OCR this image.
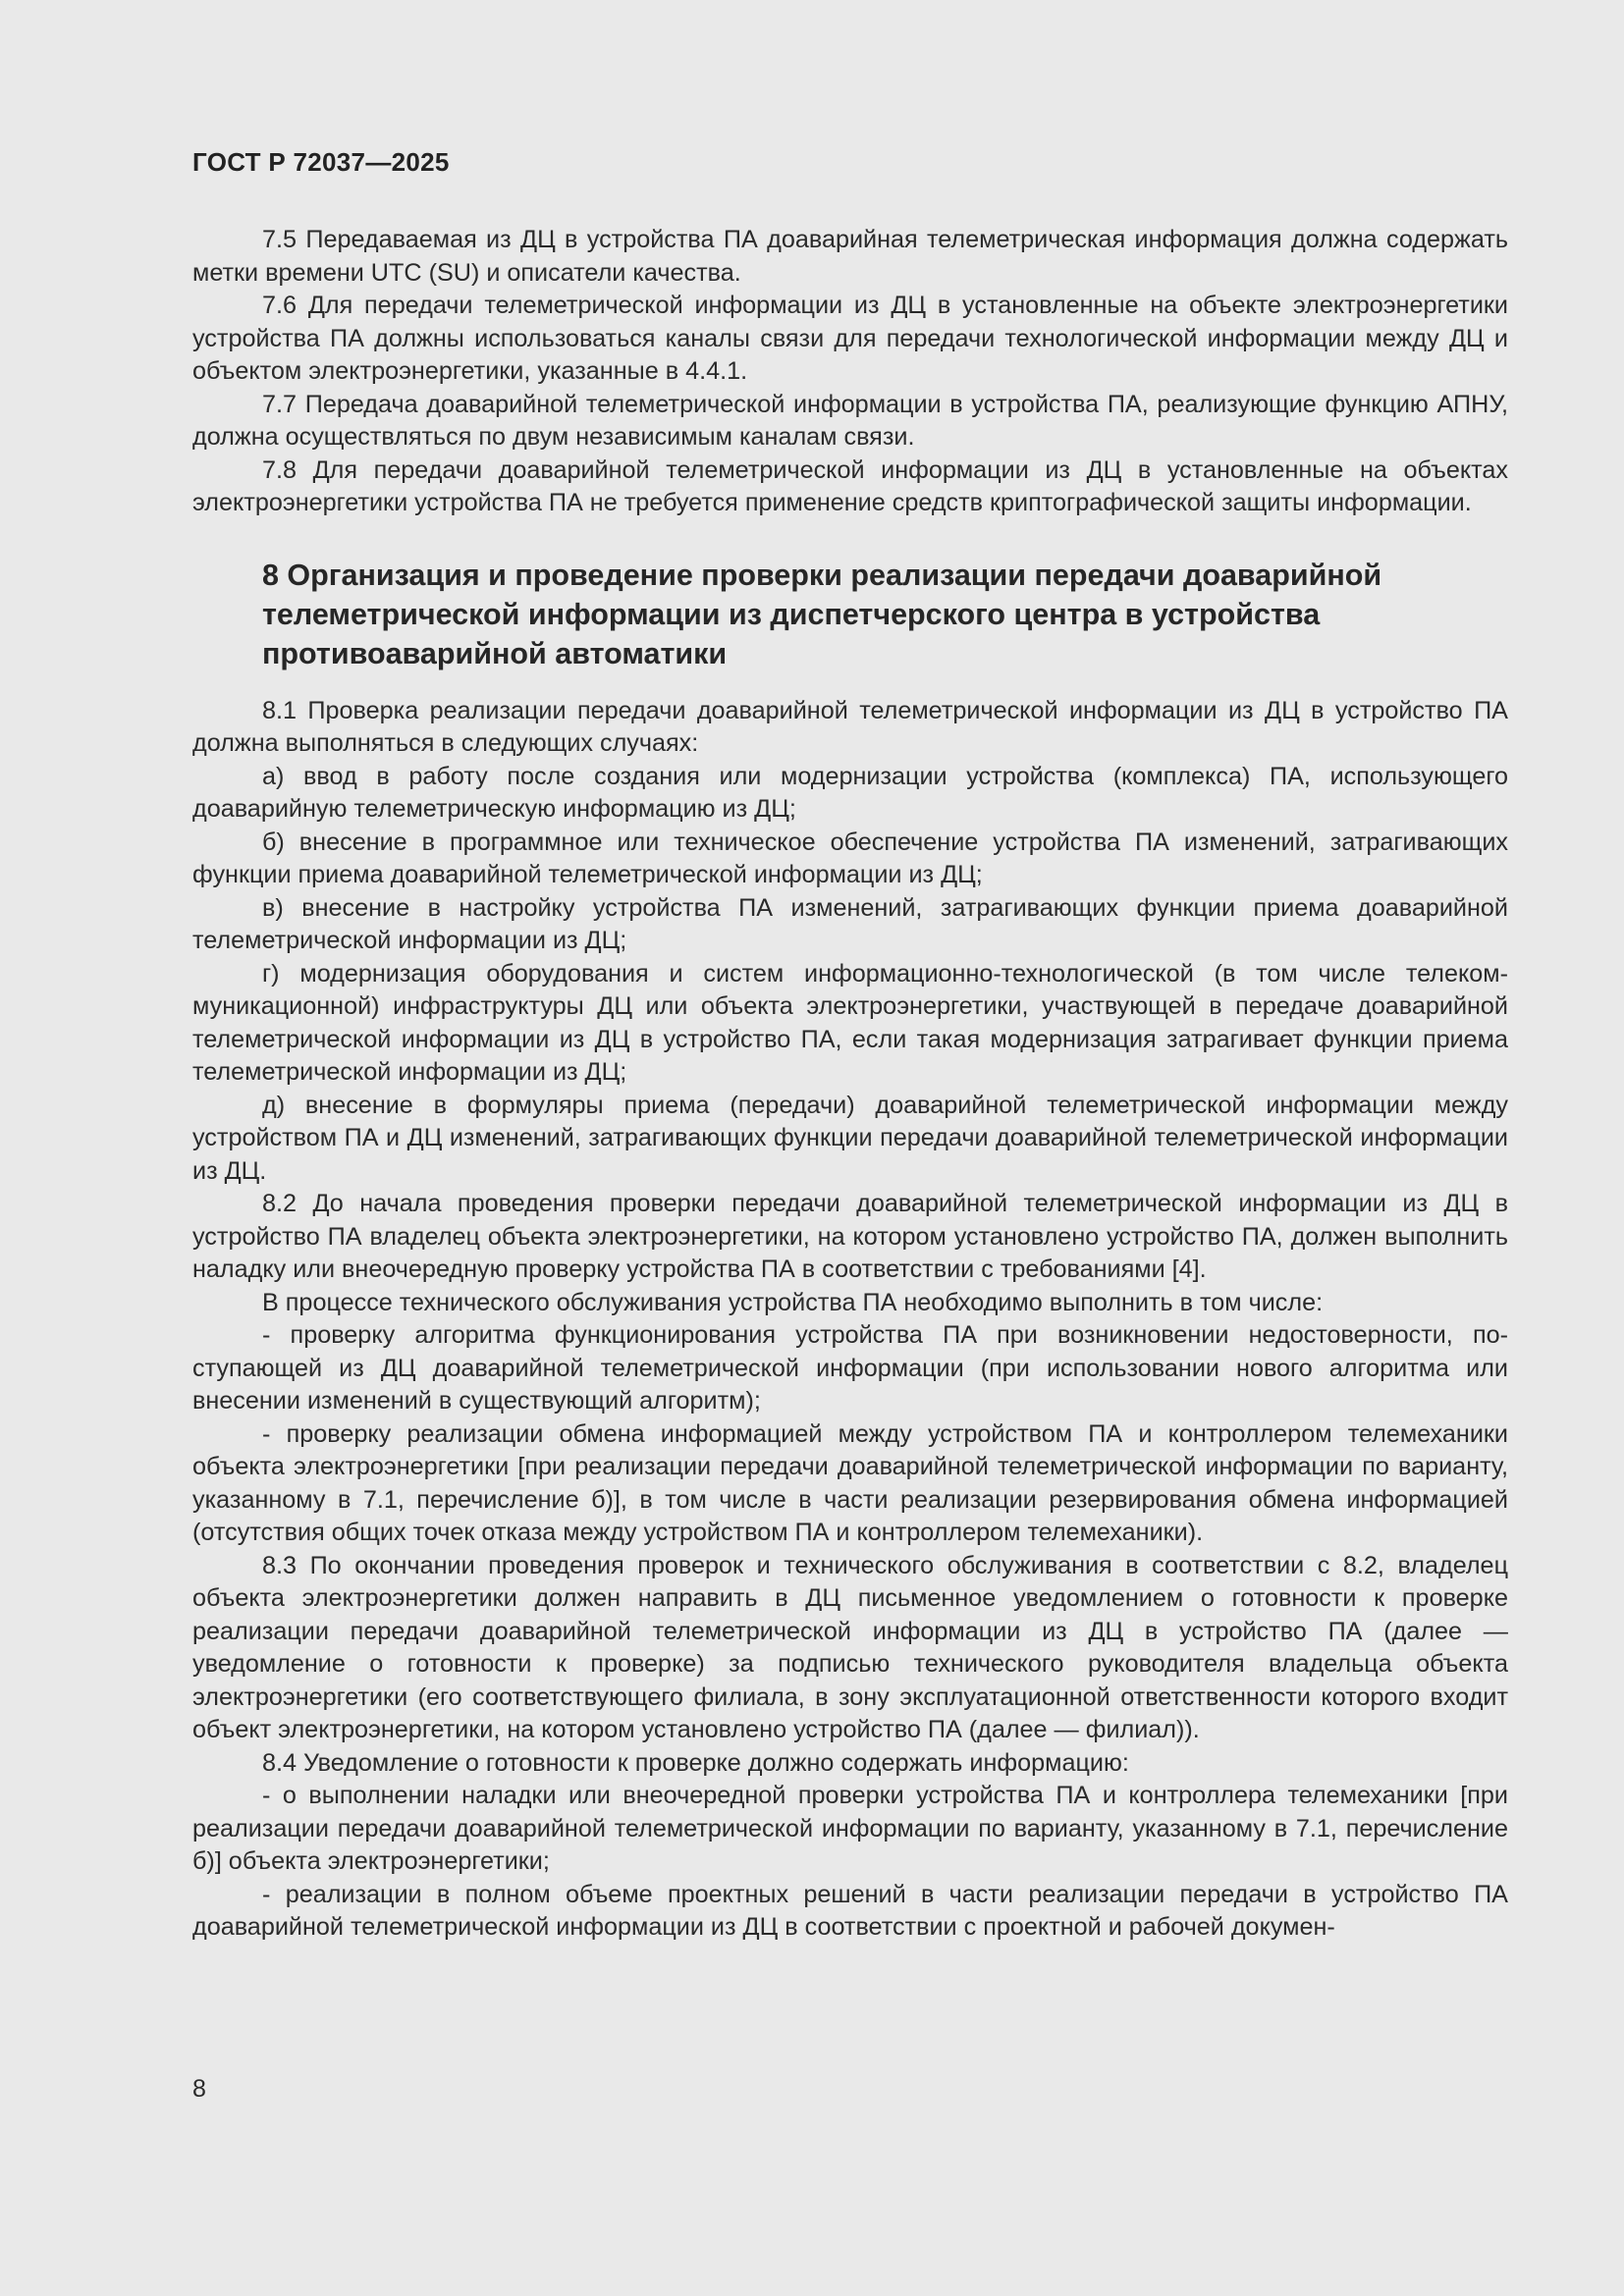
ГОСТ Р 72037—2025

7.5 Передаваемая из ДЦ в устройства ПА доаварийная телеметрическая информация должна содержать метки времени UTC (SU) и описатели качества.

7.6 Для передачи телеметрической информации из ДЦ в установленные на объекте электроэнергетики устройства ПА должны использоваться каналы связи для передачи технологической информации между ДЦ и объектом электроэнергетики, указанные в 4.4.1.

7.7 Передача доаварийной телеметрической информации в устройства ПА, реализующие функцию АПНУ, должна осуществляться по двум независимым каналам связи.

7.8 Для передачи доаварийной телеметрической информации из ДЦ в установленные на объектах электроэнергетики устройства ПА не требуется применение средств криптографической защиты информации.

8 Организация и проведение проверки реализации передачи доаварийной телеметрической информации из диспетчерского центра в устройства противоаварийной автоматики

8.1 Проверка реализации передачи доаварийной телеметрической информации из ДЦ в устройство ПА должна выполняться в следующих случаях:

а) ввод в работу после создания или модернизации устройства (комплекса) ПА, использующего доаварийную телеметрическую информацию из ДЦ;

б) внесение в программное или техническое обеспечение устройства ПА изменений, затрагивающих функции приема доаварийной телеметрической информации из ДЦ;

в) внесение в настройку устройства ПА изменений, затрагивающих функции приема доаварийной телеметрической информации из ДЦ;

г) модернизация оборудования и систем информационно-технологической (в том числе телекоммуникационной) инфраструктуры ДЦ или объекта электроэнергетики, участвующей в передаче доаварийной телеметрической информации из ДЦ в устройство ПА, если такая модернизация затрагивает функции приема телеметрической информации из ДЦ;

д) внесение в формуляры приема (передачи) доаварийной телеметрической информации между устройством ПА и ДЦ изменений, затрагивающих функции передачи доаварийной телеметрической информации из ДЦ.

8.2 До начала проведения проверки передачи доаварийной телеметрической информации из ДЦ в устройство ПА владелец объекта электроэнергетики, на котором установлено устройство ПА, должен выполнить наладку или внеочередную проверку устройства ПА в соответствии с требованиями [4].

В процессе технического обслуживания устройства ПА необходимо выполнить в том числе:

- проверку алгоритма функционирования устройства ПА при возникновении недостоверности, поступающей из ДЦ доаварийной телеметрической информации (при использовании нового алгоритма или внесении изменений в существующий алгоритм);

- проверку реализации обмена информацией между устройством ПА и контроллером телемеханики объекта электроэнергетики [при реализации передачи доаварийной телеметрической информации по варианту, указанному в 7.1, перечисление б)], в том числе в части реализации резервирования обмена информацией (отсутствия общих точек отказа между устройством ПА и контроллером телемеханики).

8.3 По окончании проведения проверок и технического обслуживания в соответствии с 8.2, владелец объекта электроэнергетики должен направить в ДЦ письменное уведомлением о готовности к проверке реализации передачи доаварийной телеметрической информации из ДЦ в устройство ПА (далее — уведомление о готовности к проверке) за подписью технического руководителя владельца объекта электроэнергетики (его соответствующего филиала, в зону эксплуатационной ответственности которого входит объект электроэнергетики, на котором установлено устройство ПА (далее — филиал)).

8.4 Уведомление о готовности к проверке должно содержать информацию:

- о выполнении наладки или внеочередной проверки устройства ПА и контроллера телемеханики [при реализации передачи доаварийной телеметрической информации по варианту, указанному в 7.1, перечисление б)] объекта электроэнергетики;

- реализации в полном объеме проектных решений в части реализации передачи в устройство ПА доаварийной телеметрической информации из ДЦ в соответствии с проектной и рабочей докумен-

8
